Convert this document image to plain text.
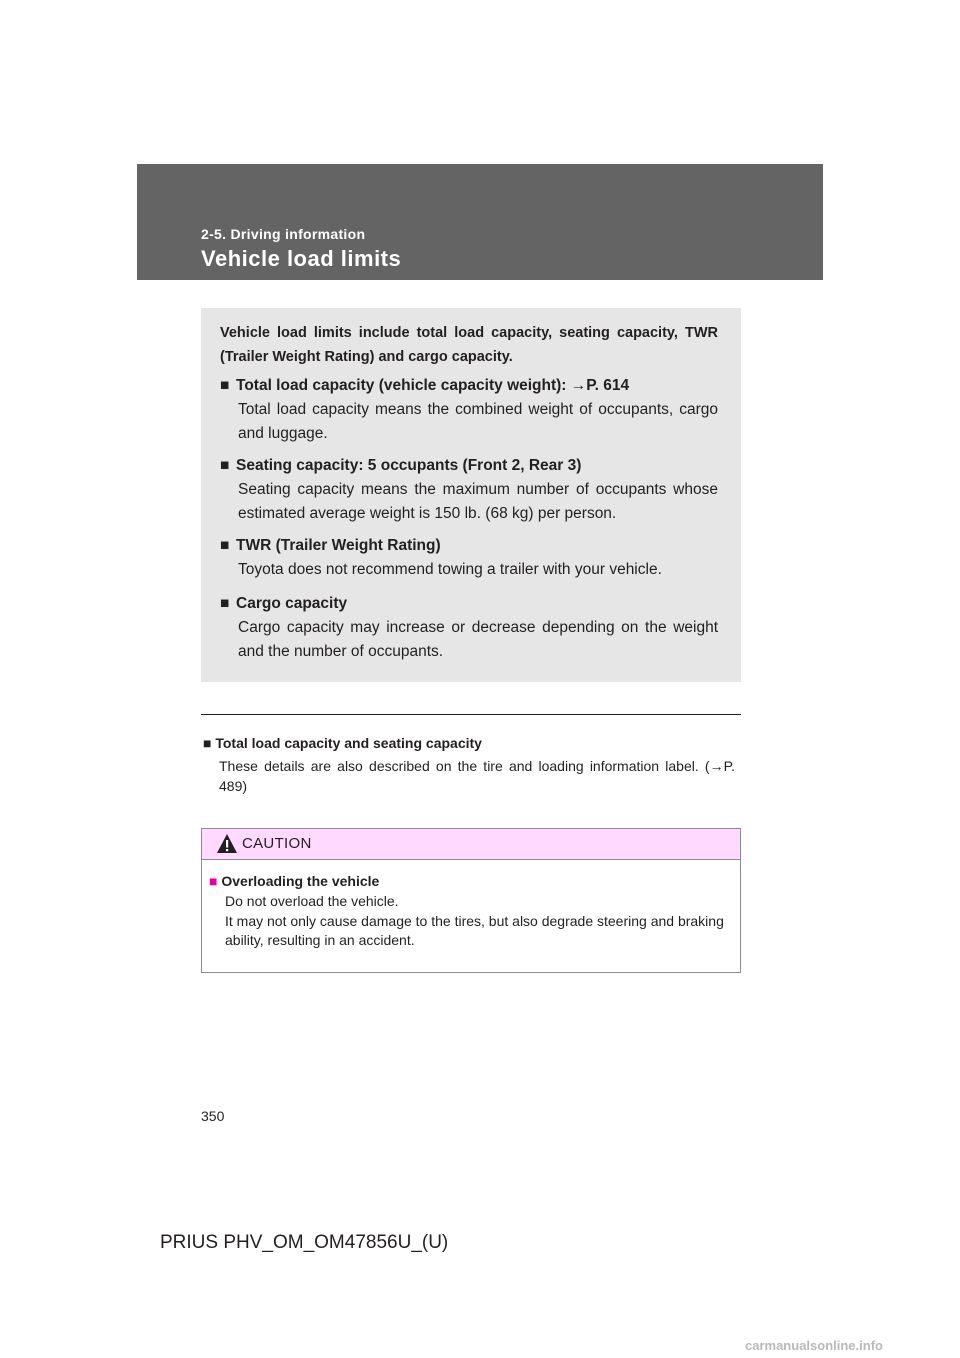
2-5. Driving information
Vehicle load limits
Vehicle load limits include total load capacity, seating capacity, TWR (Trailer Weight Rating) and cargo capacity.
■ Total load capacity (vehicle capacity weight): →P. 614
Total load capacity means the combined weight of occupants, cargo and luggage.
■ Seating capacity: 5 occupants (Front 2, Rear 3)
Seating capacity means the maximum number of occupants whose estimated average weight is 150 lb. (68 kg) per person.
■ TWR (Trailer Weight Rating)
Toyota does not recommend towing a trailer with your vehicle.
■ Cargo capacity
Cargo capacity may increase or decrease depending on the weight and the number of occupants.
■ Total load capacity and seating capacity
These details are also described on the tire and loading information label. (→P. 489)
CAUTION
■ Overloading the vehicle
Do not overload the vehicle.
It may not only cause damage to the tires, but also degrade steering and braking ability, resulting in an accident.
350
PRIUS PHV_OM_OM47856U_(U)
carmanualsonline.info
